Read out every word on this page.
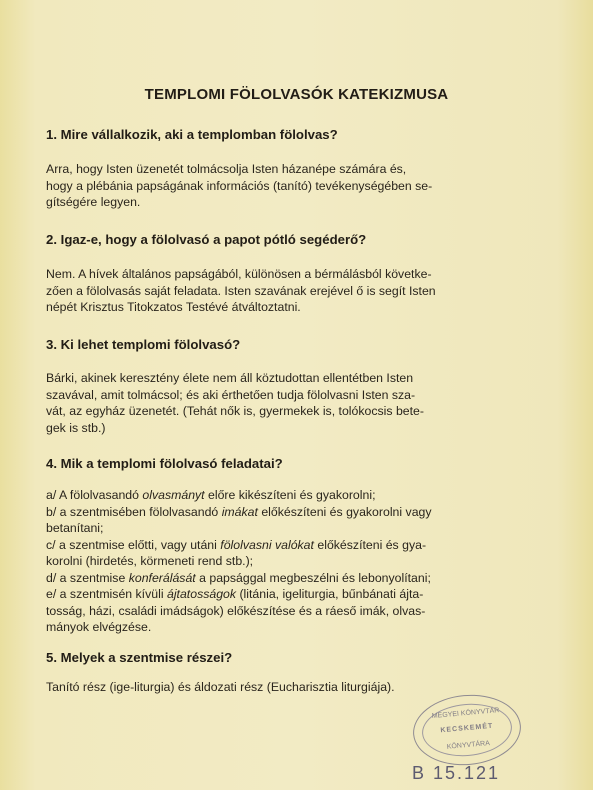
TEMPLOMI FÖLOLVASÓK KATEKIZMUSA
1. Mire vállalkozik, aki a templomban fölolvas?
Arra, hogy Isten üzenetét tolmácsolja Isten házanépe számára és,
hogy a plébánia papságának információs (tanító) tevékenységében se-
gítségére legyen.
2. Igaz-e, hogy a fölolvasó a papot pótló segéderő?
Nem. A hívek általános papságából, különösen a bérmálásból követke-
zően a fölolvasás saját feladata. Isten szavának erejével ő is segít Isten
népét Krisztus Titokzatos Testévé átváltoztatni.
3. Ki lehet templomi fölolvasó?
Bárki, akinek keresztény élete nem áll köztudottan ellentétben Isten
szavával, amit tolmácsol; és aki érthetően tudja fölolvasni Isten sza-
vát, az egyház üzenetét. (Tehát nők is, gyermekek is, tolókocsis bete-
gek is stb.)
4. Mik a templomi fölolvasó feladatai?
a/ A fölolvasandó olvasmányt előre kikészíteni és gyakorolni;
b/ a szentmisében fölolvasandó imákat előkészíteni és gyakorolni vagy
betanítani;
c/ a szentmise előtti, vagy utáni fölolvasni valókat előkészíteni és gya-
korolni (hirdetés, körmeneti rend stb.);
d/ a szentmise konferálását a papsággal megbeszélni és lebonyolítani;
e/ a szentmisén kívüli ájtatosságok (litánia, igeliturgia, bűnbánati ájta-
tosság, házi, családi imádságok) előkészítése és a ráeső imák, olvas-
mányok elvégzése.
5. Melyek a szentmise részei?
Tanító rész (ige-liturgia) és áldozati rész (Eucharisztia liturgiája).
MEGYEI KÖNYVTÁR
KECSKEMÉT
KÖNYVTÁRA
B 15.121
